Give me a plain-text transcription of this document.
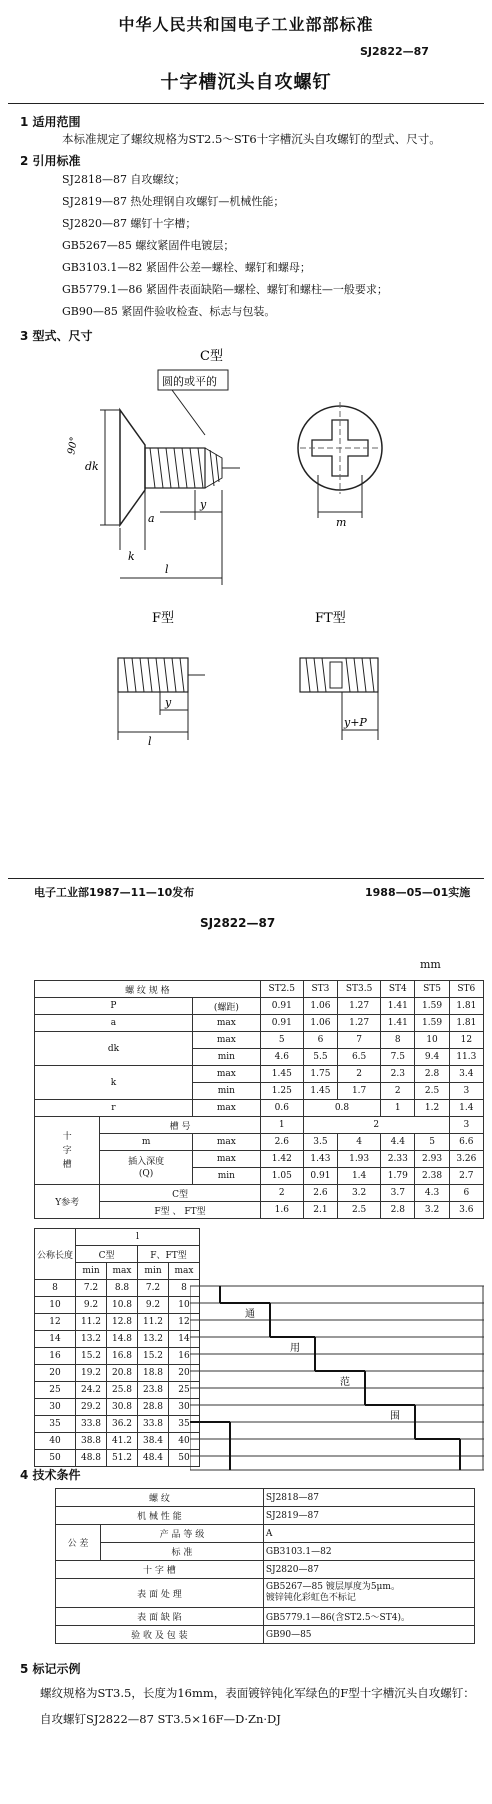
中华人民共和国电子工业部部标准
SJ2822—87
十字槽沉头自攻螺钉
1 适用范围
本标准规定了螺纹规格为ST2.5～ST6十字槽沉头自攻螺钉的型式、尺寸。
2 引用标准
SJ2818—87 自攻螺纹；
SJ2819—87 热处理钢自攻螺钉—机械性能；
SJ2820—87 螺钉十字槽；
GB5267—85 螺纹紧固件电镀层；
GB3103.1—82 紧固件公差—螺栓、螺钉和螺母；
GB5779.1—86 紧固件表面缺陷—螺栓、螺钉和螺柱—一般要求；
GB90—85 紧固件验收检查、标志与包装。
3 型式、尺寸
C型
圆的或平的
dk
90°
k
a
y
l
m
F型
y
l
FT型
y+P
电子工业部1987—11—10发布	1988—05—01实施
SJ2822—87
mm
螺 纹 规 格			ST2.5	ST3	ST3.5	ST4	ST5	ST6
P		(螺距)	0.91	1.06	1.27	1.41	1.59	1.81
a		max	0.91	1.06	1.27	1.41	1.59	1.81
dk		max	5	6	7	8	10	12
		min	4.6	5.5	6.5	7.5	9.4	11.3
k		max	1.45	1.75	2	2.3	2.8	3.4
		min	1.25	1.45	1.7	2	2.5	3
r		max	0.6	0.8		1	1.2	1.4
十
字
槽	槽 号		1	2				3
	m	max	2.6	3.5	4	4.4	5	6.6
	插入深度
(Q)	max	1.42	1.43	1.93	2.33	2.93	3.26
		min	1.05	0.91	1.4	1.79	2.38	2.7
Y参考	C型		2	2.6	3.2	3.7	4.3	6
	F型 、 FT型		1.6	2.1	2.5	2.8	3.2	3.6
公称长度	l			
	C型		F、FT型	
	min	max	min	max
8	7.2	8.8	7.2	8
10	9.2	10.8	9.2	10
12	11.2	12.8	11.2	12
14	13.2	14.8	13.2	14
16	15.2	16.8	15.2	16
20	19.2	20.8	18.8	20
25	24.2	25.8	23.8	25
30	29.2	30.8	28.8	30
35	33.8	36.2	33.8	35
40	38.8	41.2	38.4	40
50	48.8	51.2	48.4	50
通
用
范
围
4 技术条件
螺 纹		SJ2818—87
机 械 性 能		SJ2819—87
公 差	产 品 等 级	A
	标 准	GB3103.1—82
十 字 槽		SJ2820—87
表 面 处 理		GB5267—85 镀层厚度为5μm。
镀锌钝化彩虹色不标记
表 面 缺 陷		GB5779.1—86(含ST2.5～ST4)。
验 收 及 包 装		GB90—85
5 标记示例
螺纹规格为ST3.5，长度为16mm，表面镀锌钝化军绿色的F型十字槽沉头自攻螺钉：
自攻螺钉SJ2822—87 ST3.5×16F—D·Zn·DJ
